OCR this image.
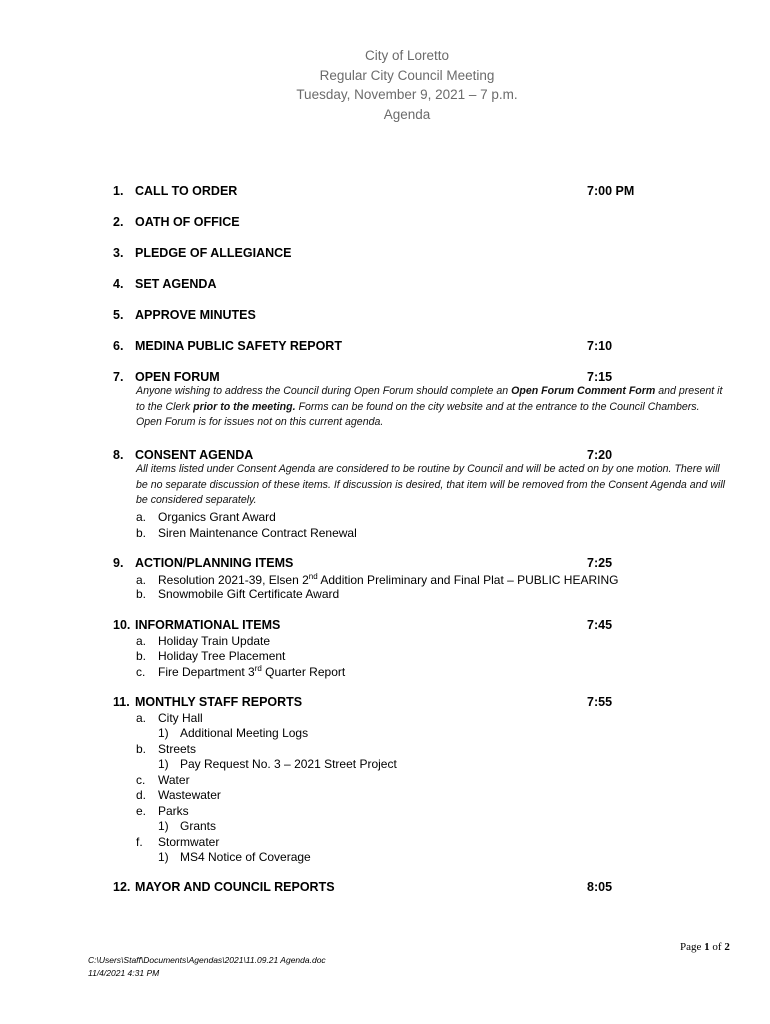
City of Loretto
Regular City Council Meeting
Tuesday, November 9, 2021 – 7 p.m.
Agenda
1. CALL TO ORDER	7:00 PM
2. OATH OF OFFICE
3. PLEDGE OF ALLEGIANCE
4. SET AGENDA
5. APPROVE MINUTES
6. MEDINA PUBLIC SAFETY REPORT	7:10
7. OPEN FORUM	7:15
Anyone wishing to address the Council during Open Forum should complete an Open Forum Comment Form and present it to the Clerk prior to the meeting. Forms can be found on the city website and at the entrance to the Council Chambers. Open Forum is for issues not on this current agenda.
8. CONSENT AGENDA	7:20
All items listed under Consent Agenda are considered to be routine by Council and will be acted on by one motion. There will be no separate discussion of these items. If discussion is desired, that item will be removed from the Consent Agenda and will be considered separately.
a. Organics Grant Award
b. Siren Maintenance Contract Renewal
9. ACTION/PLANNING ITEMS	7:25
a. Resolution 2021-39, Elsen 2nd Addition Preliminary and Final Plat – PUBLIC HEARING
b. Snowmobile Gift Certificate Award
10. INFORMATIONAL ITEMS	7:45
a. Holiday Train Update
b. Holiday Tree Placement
c. Fire Department 3rd Quarter Report
11. MONTHLY STAFF REPORTS	7:55
a. City Hall
1) Additional Meeting Logs
b. Streets
1) Pay Request No. 3 – 2021 Street Project
c. Water
d. Wastewater
e. Parks
1) Grants
f. Stormwater
1) MS4 Notice of Coverage
12. MAYOR AND COUNCIL REPORTS	8:05
Page 1 of 2
C:\Users\Staff\Documents\Agendas\2021\11.09.21 Agenda.doc
11/4/2021 4:31 PM
